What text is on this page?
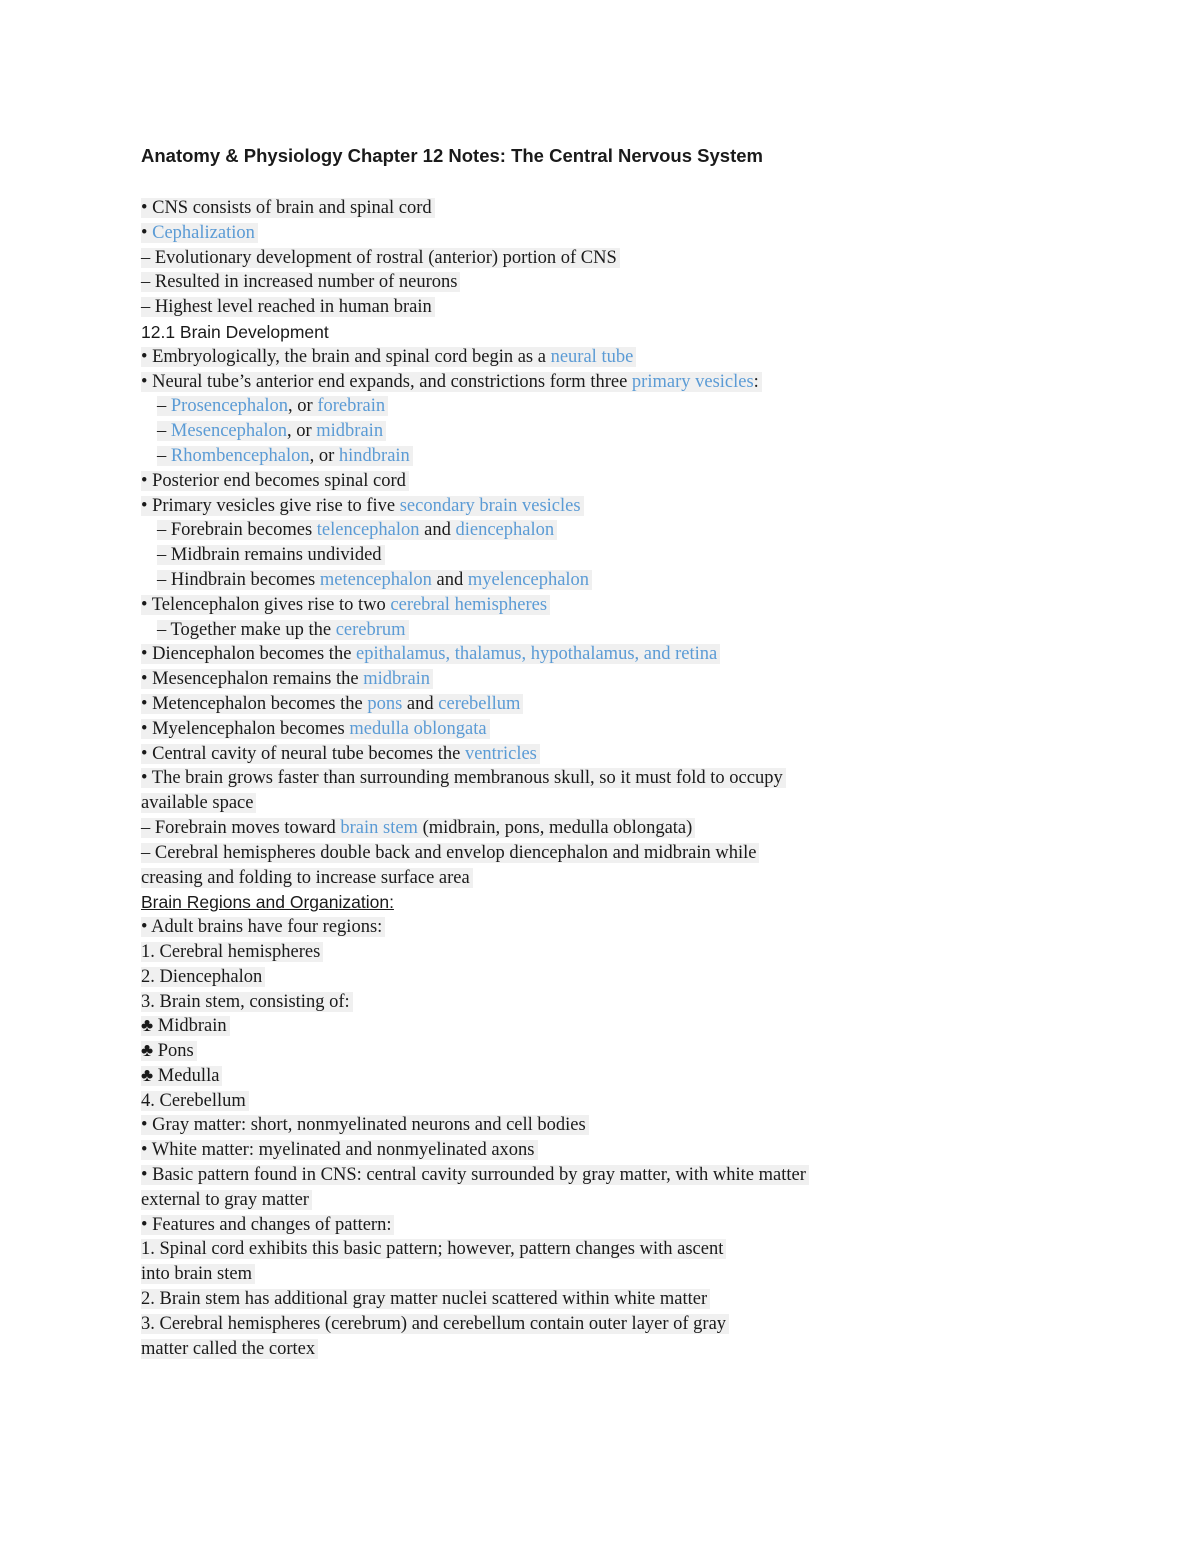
Anatomy & Physiology Chapter 12 Notes: The Central Nervous System
• CNS consists of brain and spinal cord
• Cephalization
– Evolutionary development of rostral (anterior) portion of CNS
– Resulted in increased number of neurons
– Highest level reached in human brain
12.1 Brain Development
• Embryologically, the brain and spinal cord begin as a neural tube
• Neural tube’s anterior end expands, and constrictions form three primary vesicles:
– Prosencephalon, or forebrain
– Mesencephalon, or midbrain
– Rhombencephalon, or hindbrain
• Posterior end becomes spinal cord
• Primary vesicles give rise to five secondary brain vesicles
– Forebrain becomes telencephalon and diencephalon
– Midbrain remains undivided
– Hindbrain becomes metencephalon and myelencephalon
• Telencephalon gives rise to two cerebral hemispheres
– Together make up the cerebrum
• Diencephalon becomes the epithalamus, thalamus, hypothalamus, and retina
• Mesencephalon remains the midbrain
• Metencephalon becomes the pons and cerebellum
• Myelencephalon becomes medulla oblongata
• Central cavity of neural tube becomes the ventricles
• The brain grows faster than surrounding membranous skull, so it must fold to occupy
available space
– Forebrain moves toward brain stem (midbrain, pons, medulla oblongata)
– Cerebral hemispheres double back and envelop diencephalon and midbrain while
creasing and folding to increase surface area
Brain Regions and Organization:
• Adult brains have four regions:
1. Cerebral hemispheres
2. Diencephalon
3. Brain stem, consisting of:
♣ Midbrain
♣ Pons
♣ Medulla
4. Cerebellum
• Gray matter: short, nonmyelinated neurons and cell bodies
• White matter: myelinated and nonmyelinated axons
• Basic pattern found in CNS: central cavity surrounded by gray matter, with white matter
external to gray matter
• Features and changes of pattern:
1. Spinal cord exhibits this basic pattern; however, pattern changes with ascent
into brain stem
2. Brain stem has additional gray matter nuclei scattered within white matter
3. Cerebral hemispheres (cerebrum) and cerebellum contain outer layer of gray
matter called the cortex
